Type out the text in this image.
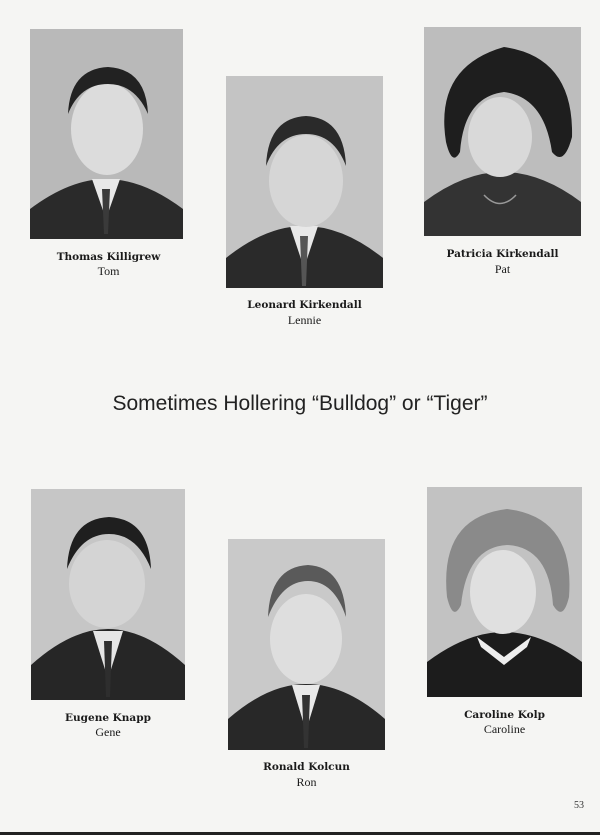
Thomas Killigrew
Tom
Leonard Kirkendall
Lennie
Patricia Kirkendall
Pat
Sometimes Hollering “Bulldog” or “Tiger”
Eugene Knapp
Gene
Ronald Kolcun
Ron
Caroline Kolp
Caroline
53
